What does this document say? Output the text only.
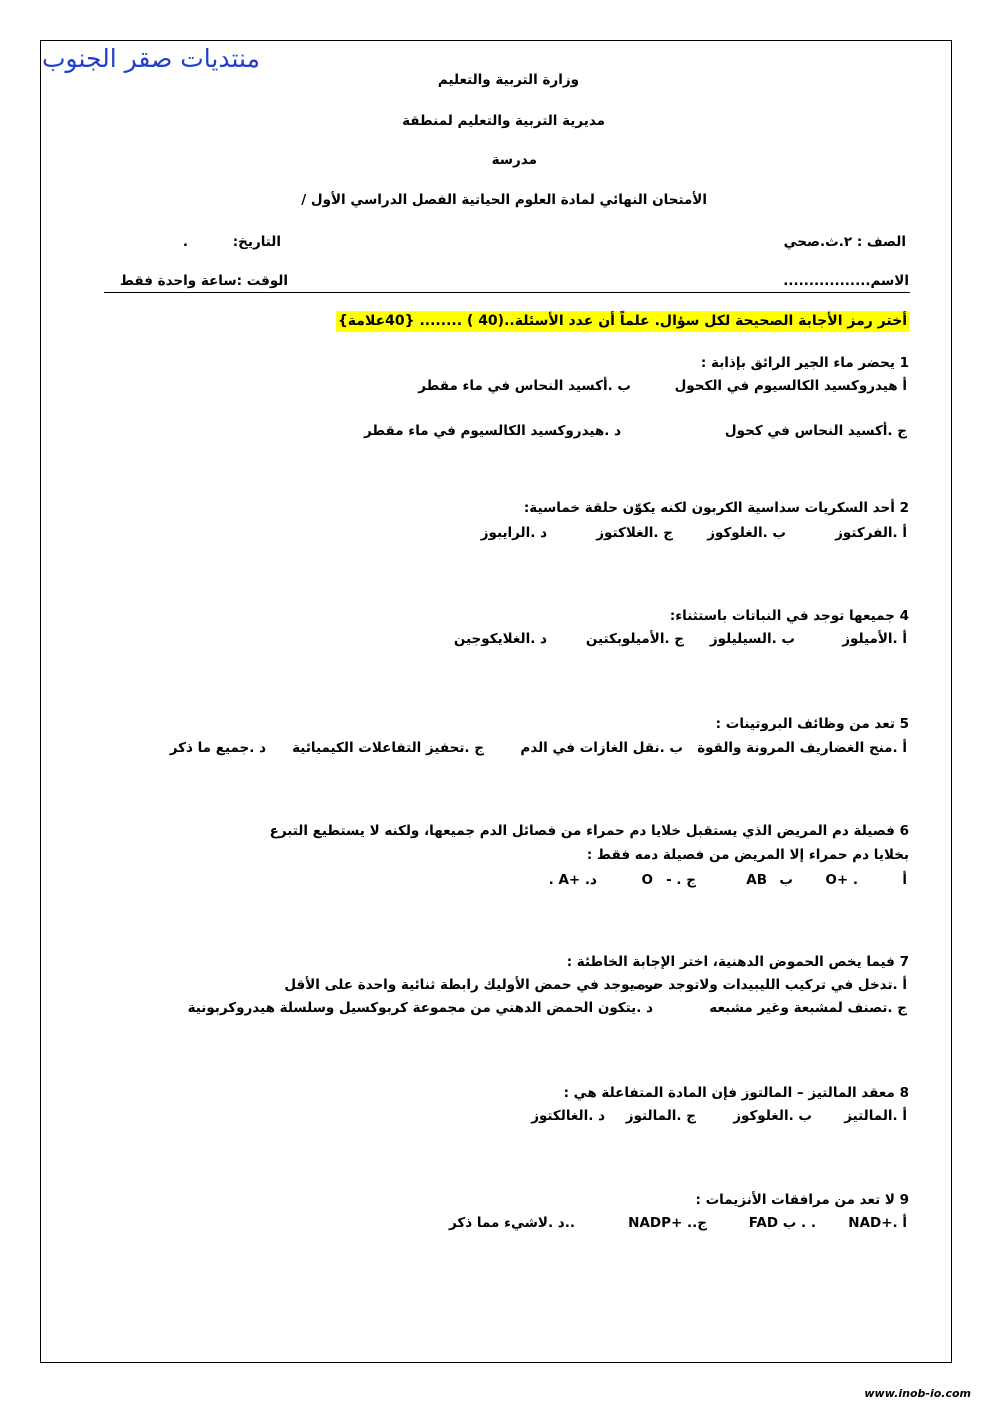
منتديات صقر الجنوب
وزارة التربية والتعليم
مديرية التربية والتعليم لمنطقة
مدرسة
الأمتحان النهائي لمادة العلوم الحياتية الفصل الدراسي الأول /
الصف : ٢.ث.صحي
التاريخ:
.
الاسم.................
الوقت :ساعة واحدة فقط
أختر رمز الأجابة الصحيحة لكل سؤال. علماً أن عدد الأسئلة..(40 ) ........ {40علامة}
1 يحضر ماء الجير الرائق بإذابة :
أ هيدروكسيد الكالسيوم في الكحول
ب .أكسيد النحاس في ماء مقطر
ج .أكسيد النحاس في كحول
د .هيدروكسيد الكالسيوم في ماء مقطر
2 أحد السكريات سداسية الكربون لكنه يكوّن حلقة خماسية:
أ .الفركتوز
ب .الغلوكوز
ج .الغلاكتوز
د .الرايبوز
4 جميعها توجد في النباتات باستثناء:
أ .الأميلوز
ب .السيليلوز
ج .الأميلوبكتين
د .الغلايكوجين
5 تعد من وظائف البروتينات :
أ .منح الغضاريف المرونة والقوة
ب .نقل الغازات في الدم
ج .تحفيز التفاعلات الكيميائية
د .جميع ما ذكر
6 فصيلة دم المريض الذي يستقبل خلايا دم حمراء من فصائل الدم جميعها، ولكنه لا يستطيع التبرع
بخلايا دم حمراء إلا المريض من فصيلة دمه فقط :
أ
. +O
ب
AB
ج . -
O
د. +A .
7 فيما يخص الحموض الدهنية، اختر الإجابة الخاطئة :
أ .تدخل في تركيب الليبيدات ولاتوجد حره.
ب .يوجد في حمض الأوليك رابطة ثنائية واحدة على الأقل
ج .تصنف لمشبعة وغير مشبعه
د .يتكون الحمض الدهني من مجموعة كربوكسيل وسلسلة هيدروكربونية
8 معقد المالتيز – المالتوز فإن المادة المتفاعلة هي :
أ .المالتيز
ب .الغلوكوز
ج .المالتوز
د .الغالكتوز
9 لا تعد من مرافقات الأنزيمات :
أ .+NAD
. . ب FAD
ج.. +NADP
..د .لاشيء مما ذكر
www.inob-io.com
